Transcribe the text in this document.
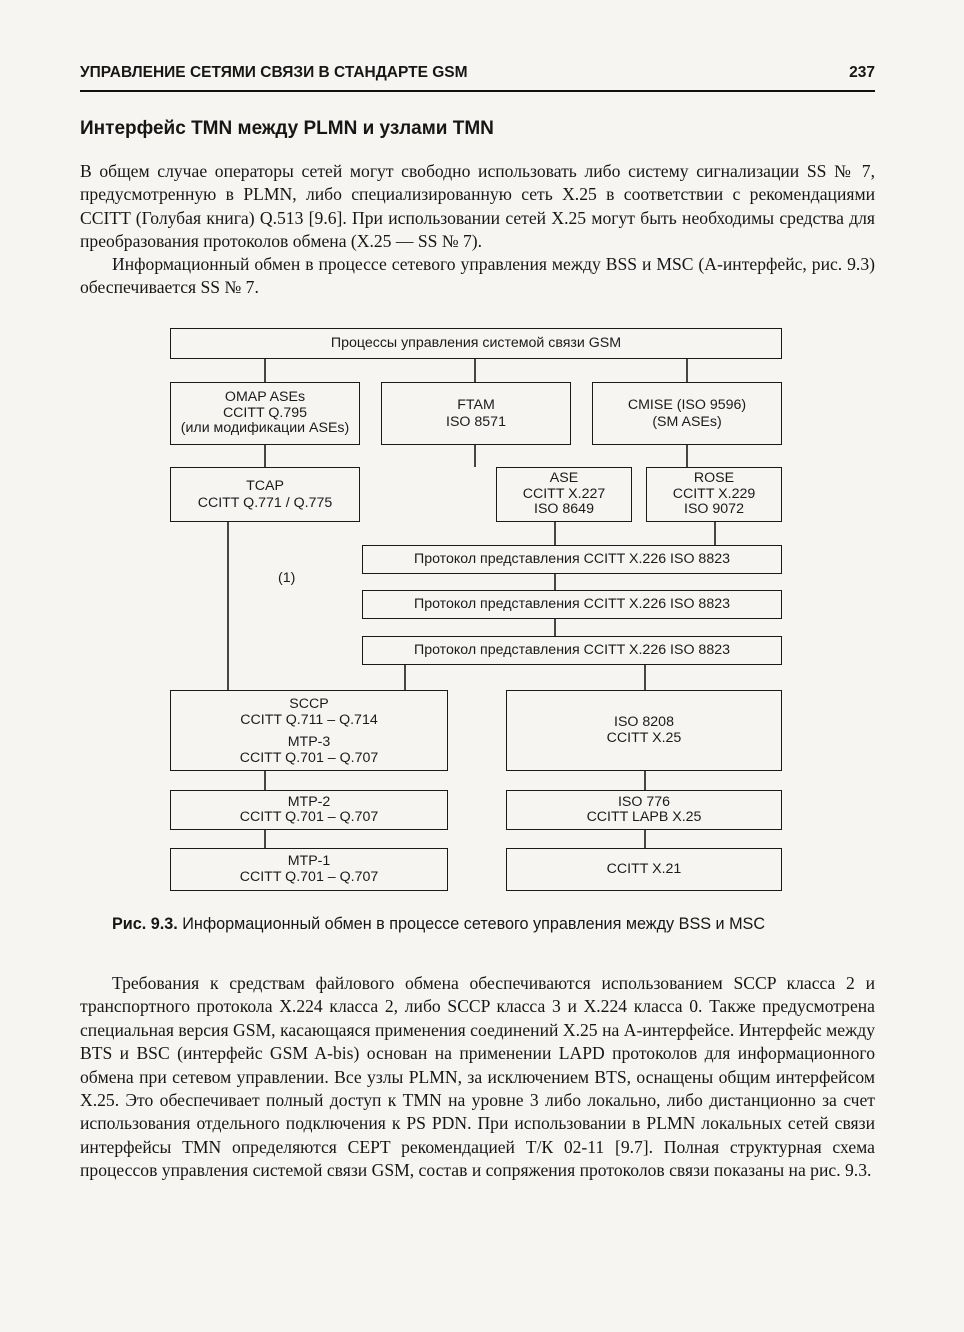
УПРАВЛЕНИЕ СЕТЯМИ СВЯЗИ В СТАНДАРТЕ GSM	237
Интерфейс TMN между PLMN и узлами TMN

В общем случае операторы сетей могут свободно использовать либо систему сигнализации SS № 7, предусмотренную в PLMN, либо специализированную сеть X.25 в соответствии с рекомендациями CCITT (Голубая книга) Q.513 [9.6]. При использовании сетей X.25 могут быть необходимы средства для преобразования протоколов обмена (X.25 — SS № 7).

Информационный обмен в процессе сетевого управления между BSS и MSC (A-интерфейс, рис. 9.3) обеспечивается SS № 7.

Процессы управления системой связи GSM
OMAP ASEs
CCITT Q.795
(или модификации ASEs)
FTAM
ISO 8571
CMISE (ISO 9596)
(SM ASEs)
TCAP
CCITT Q.771 / Q.775
ASE
CCITT X.227
ISO 8649
ROSE
CCITT X.229
ISO 9072
Протокол представления CCITT X.226 ISO 8823
(1)
Протокол представления CCITT X.226 ISO 8823
Протокол представления CCITT X.226 ISO 8823
SCCP
CCITT Q.711 – Q.714
MTP-3
CCITT Q.701 – Q.707
MTP-2
CCITT Q.701 – Q.707
MTP-1
CCITT Q.701 – Q.707
ISO 8208
CCITT X.25
ISO 776
CCITT LAPB X.25
CCITT X.21
Рис. 9.3. Информационный обмен в процессе сетевого управления между BSS и MSC

Требования к средствам файлового обмена обеспечиваются использованием SCCP класса 2 и транспортного протокола X.224 класса 2, либо SCCP класса 3 и X.224 класса 0. Также предусмотрена специальная версия GSM, касающаяся применения соединений X.25 на A-интерфейсе. Интерфейс между BTS и BSC (интерфейс GSM A-bis) основан на применении LAPD протоколов для информационного обмена при сетевом управлении. Все узлы PLMN, за исключением BTS, оснащены общим интерфейсом X.25. Это обеспечивает полный доступ к TMN на уровне 3 либо локально, либо дистанционно за счет использования отдельного подключения к PS PDN. При использовании в PLMN локальных сетей связи интерфейсы TMN определяются CEPT рекомендацией Т/К 02-11 [9.7]. Полная структурная схема процессов управления системой связи GSM, состав и сопряжения протоколов связи показаны на рис. 9.3.
